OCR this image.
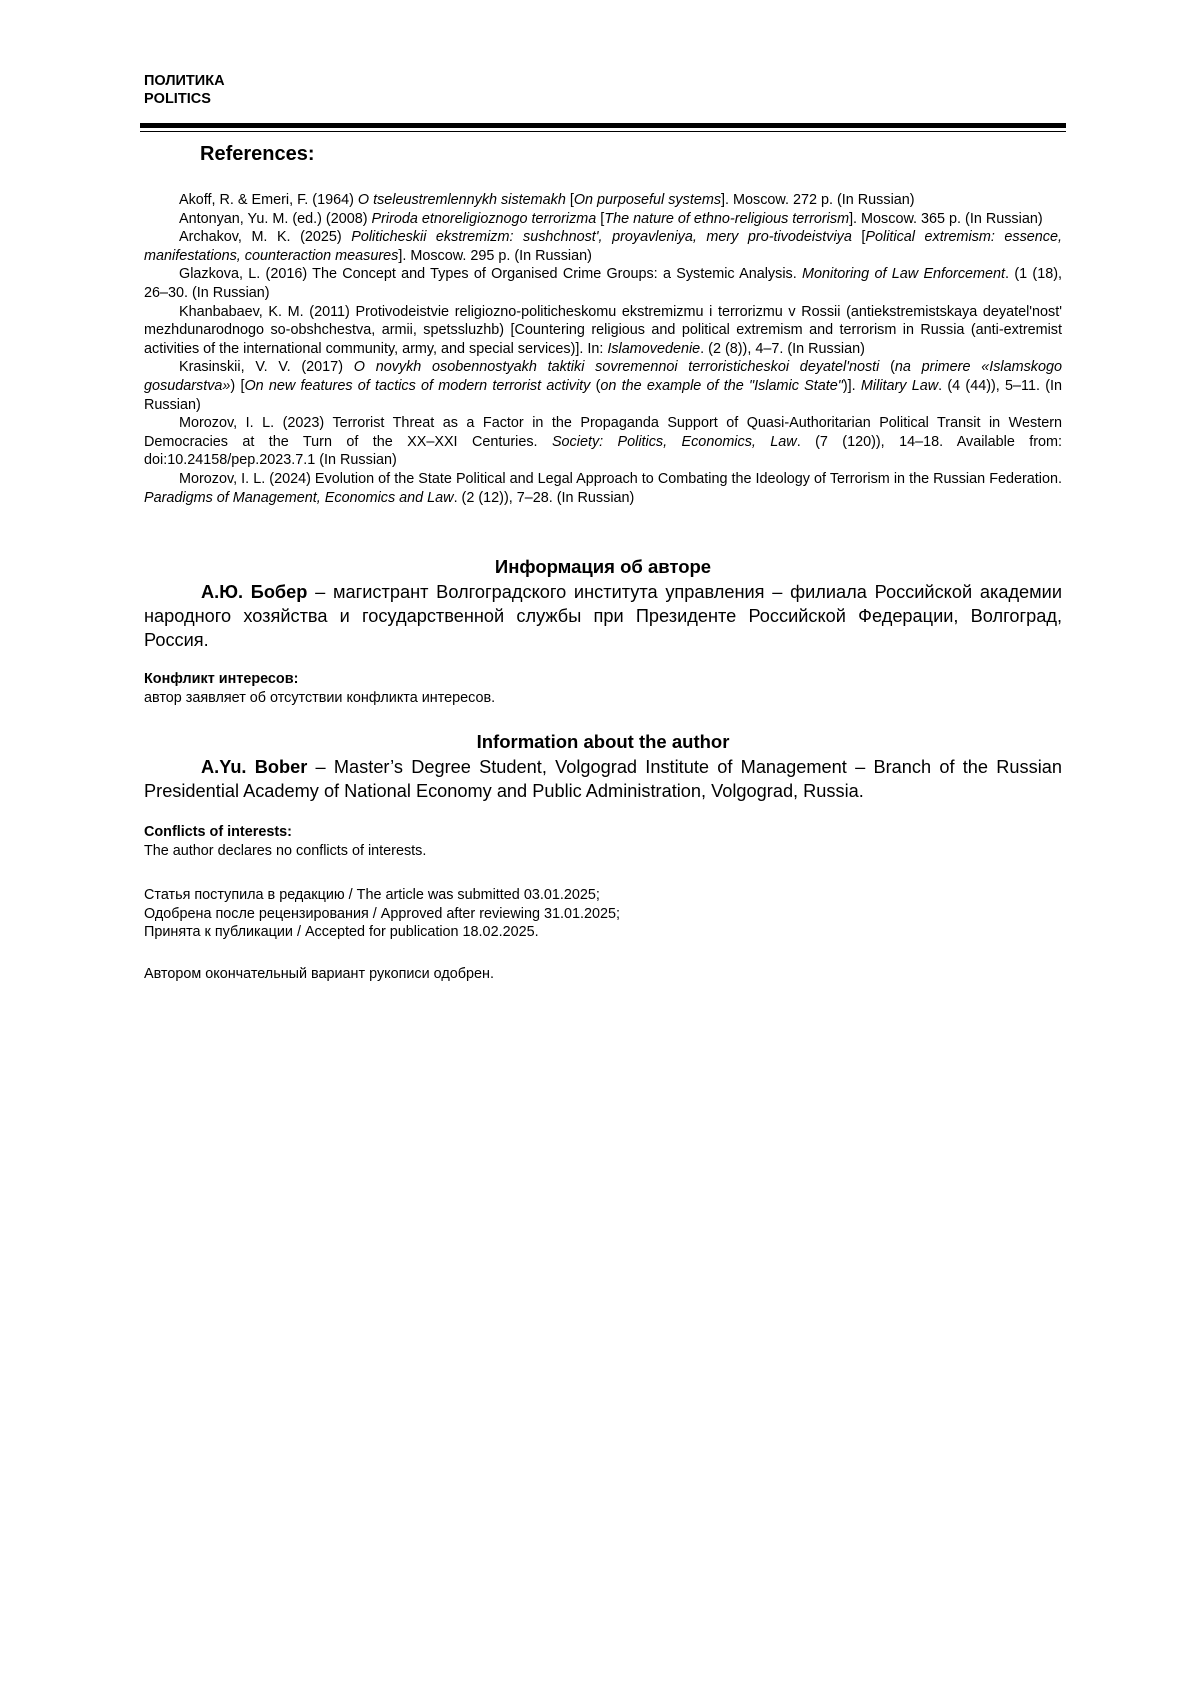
ПОЛИТИКА
POLITICS
References:

Akoff, R. & Emeri, F. (1964) O tseleustremlennykh sistemakh [On purposeful systems]. Moscow. 272 p. (In Russian)

Antonyan, Yu. M. (ed.) (2008) Priroda etnoreligioznogo terrorizma [The nature of ethno-religious terrorism]. Moscow. 365 p. (In Russian)

Archakov, M. K. (2025) Politicheskii ekstremizm: sushchnost', proyavleniya, mery pro-tivodeistviya [Political extremism: essence, manifestations, counteraction measures]. Moscow. 295 p. (In Russian)

Glazkova, L. (2016) The Concept and Types of Organised Crime Groups: a Systemic Analysis. Monitoring of Law Enforcement. (1 (18), 26–30. (In Russian)

Khanbabaev, K. M. (2011) Protivodeistvie religiozno-politicheskomu ekstremizmu i terrorizmu v Rossii (antiekstremistskaya deyatel'nost' mezhdunarodnogo so-obshchestva, armii, spetssluzhb) [Countering religious and political extremism and terrorism in Russia (anti-extremist activities of the international community, army, and special services)]. In: Islamovedenie. (2 (8)), 4–7. (In Russian)

Krasinskii, V. V. (2017) O novykh osobennostyakh taktiki sovremennoi terroristicheskoi deyatel'nosti (na primere «Islamskogo gosudarstva») [On new features of tactics of modern terrorist activity (on the example of the "Islamic State")]. Military Law. (4 (44)), 5–11. (In Russian)

Morozov, I. L. (2023) Terrorist Threat as a Factor in the Propaganda Support of Quasi-Authoritarian Political Transit in Western Democracies at the Turn of the XX–XXI Centuries. Society: Politics, Economics, Law. (7 (120)), 14–18. Available from: doi:10.24158/pep.2023.7.1 (In Russian)

Morozov, I. L. (2024) Evolution of the State Political and Legal Approach to Combating the Ideology of Terrorism in the Russian Federation. Paradigms of Management, Economics and Law. (2 (12)), 7–28. (In Russian)

Информация об авторе

А.Ю. Бобер – магистрант Волгоградского института управления – филиала Российской академии народного хозяйства и государственной службы при Президенте Российской Федерации, Волгоград, Россия.

Конфликт интересов:
автор заявляет об отсутствии конфликта интересов.
Information about the author

A.Yu. Bober – Master’s Degree Student, Volgograd Institute of Management – Branch of the Russian Presidential Academy of National Economy and Public Administration, Volgograd, Russia.

Conflicts of interests:
The author declares no conflicts of interests.
Статья поступила в редакцию / The article was submitted 03.01.2025;
Одобрена после рецензирования / Approved after reviewing 31.01.2025;
Принята к публикации / Accepted for publication 18.02.2025.
Автором окончательный вариант рукописи одобрен.
